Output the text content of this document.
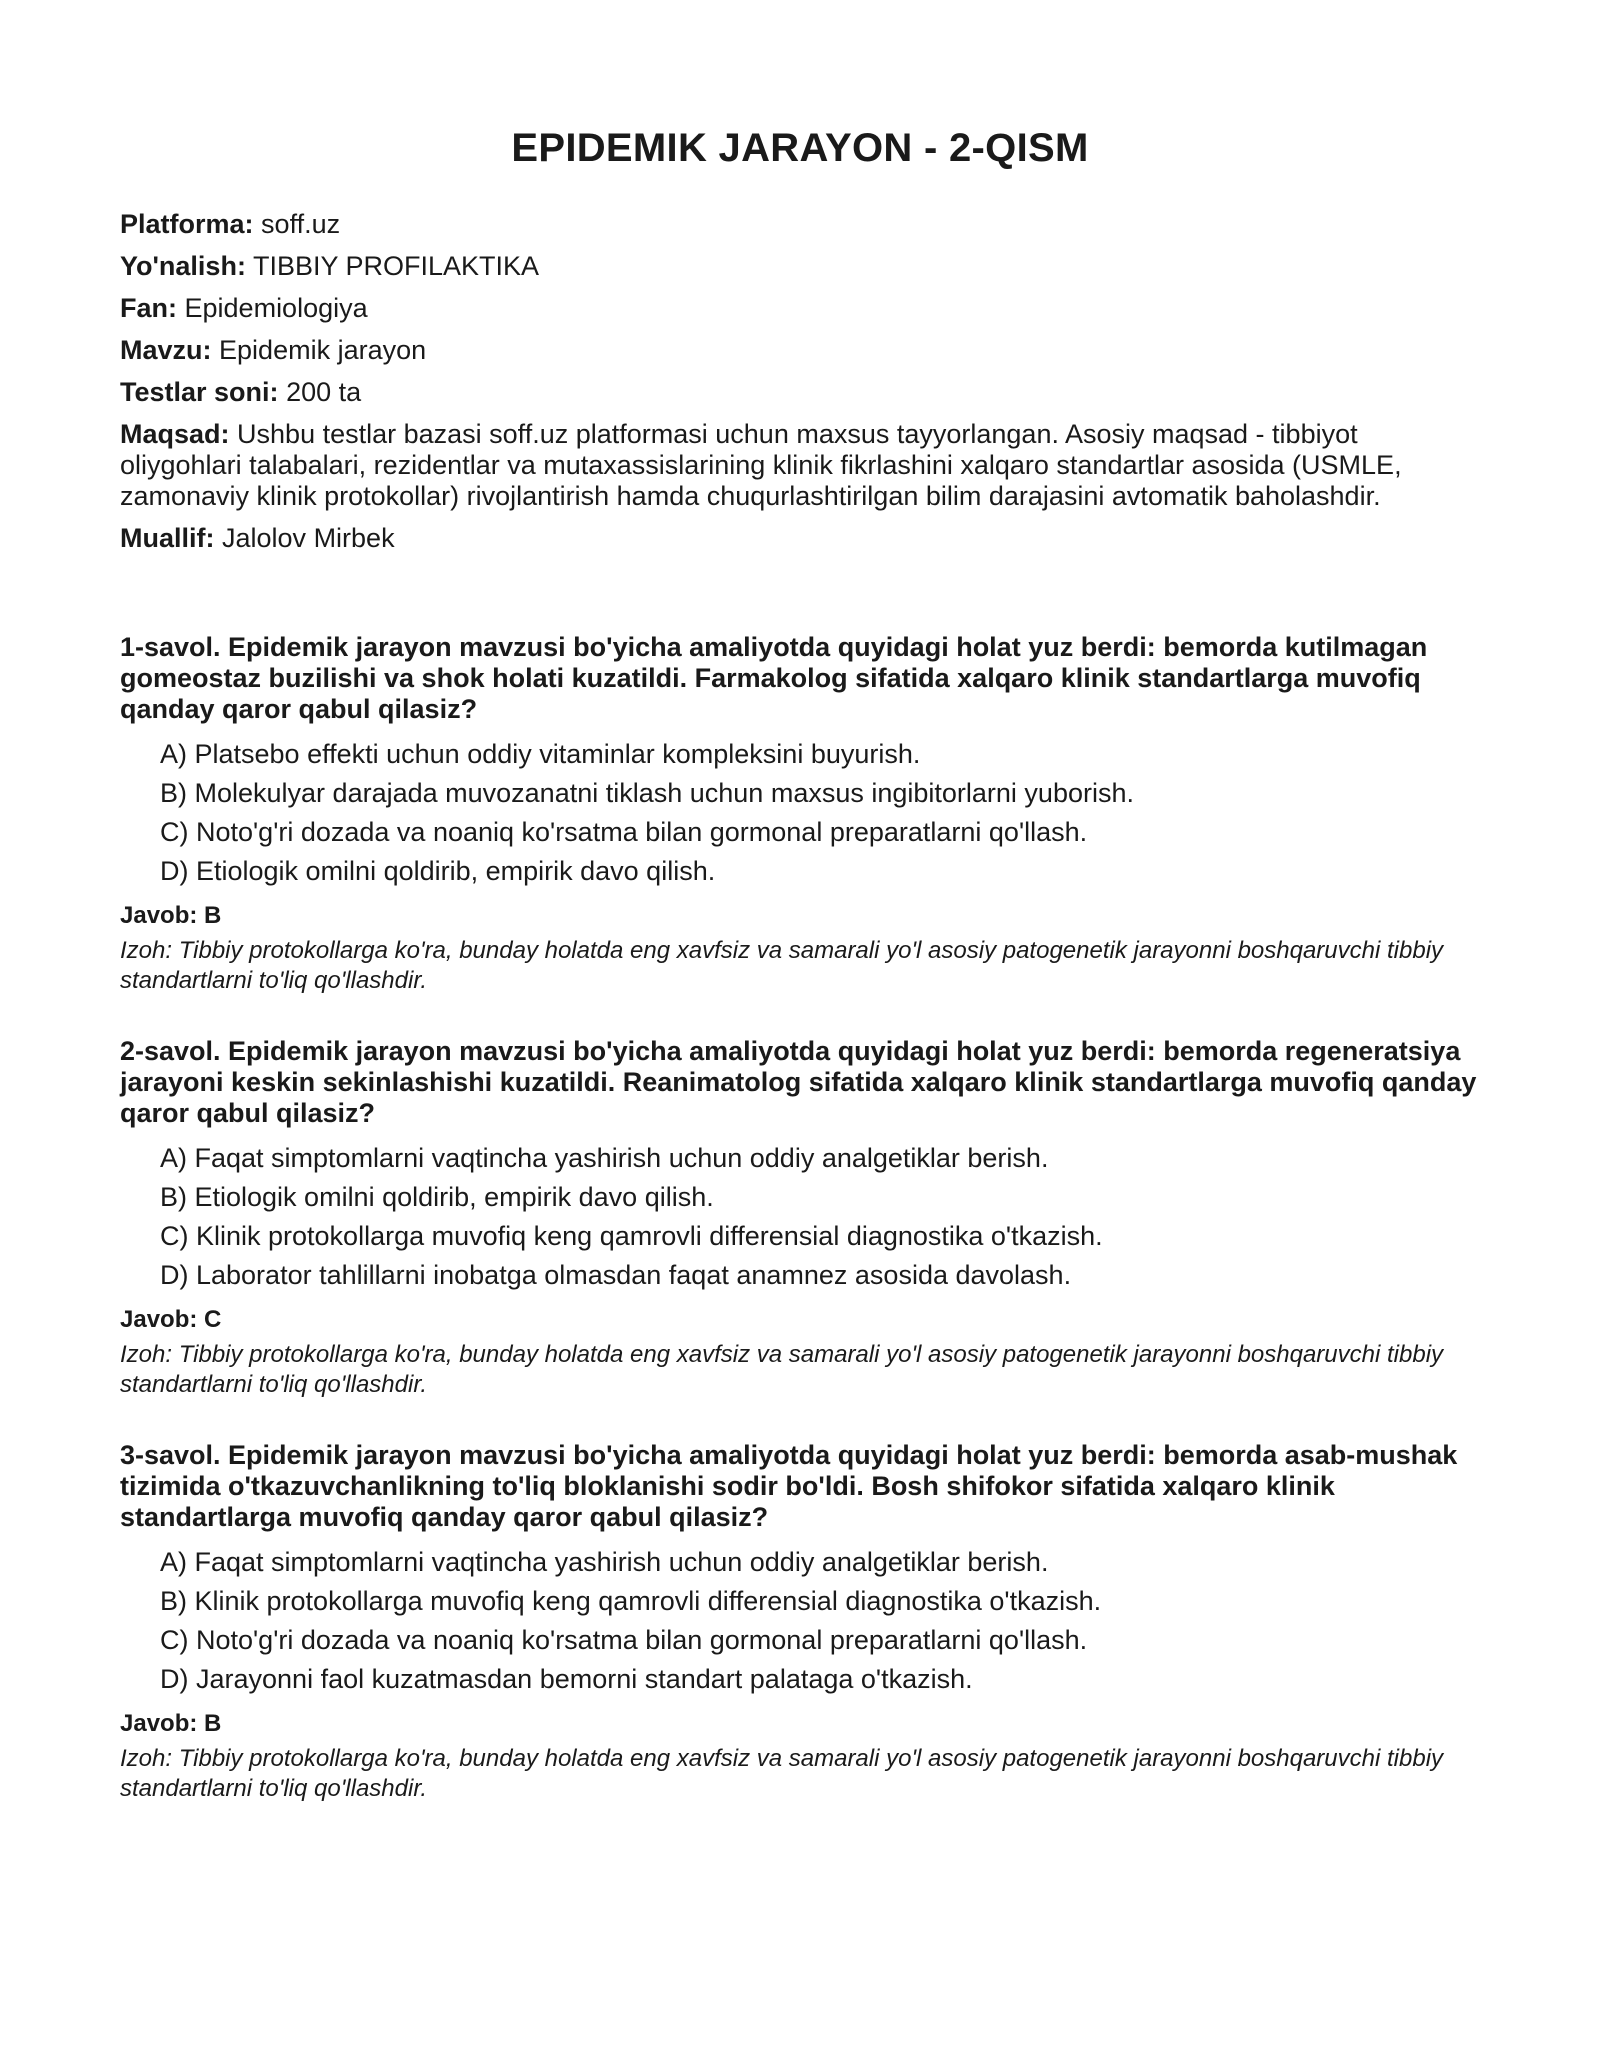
EPIDEMIK JARAYON - 2-QISM
Platforma: soff.uz
Yo'nalish: TIBBIY PROFILAKTIKA
Fan: Epidemiologiya
Mavzu: Epidemik jarayon
Testlar soni: 200 ta
Maqsad: Ushbu testlar bazasi soff.uz platformasi uchun maxsus tayyorlangan. Asosiy maqsad - tibbiyot oliygohlari talabalari, rezidentlar va mutaxassislarining klinik fikrlashini xalqaro standartlar asosida (USMLE, zamonaviy klinik protokollar) rivojlantirish hamda chuqurlashtirilgan bilim darajasini avtomatik baholashdir.
Muallif: Jalolov Mirbek

1-savol. Epidemik jarayon mavzusi bo'yicha amaliyotda quyidagi holat yuz berdi: bemorda kutilmagan gomeostaz buzilishi va shok holati kuzatildi. Farmakolog sifatida xalqaro klinik standartlarga muvofiq qanday qaror qabul qilasiz?

A) Platsebo effekti uchun oddiy vitaminlar kompleksini buyurish.
B) Molekulyar darajada muvozanatni tiklash uchun maxsus ingibitorlarni yuborish.
C) Noto'g'ri dozada va noaniq ko'rsatma bilan gormonal preparatlarni qo'llash.
D) Etiologik omilni qoldirib, empirik davo qilish.
Javob: B
Izoh: Tibbiy protokollarga ko'ra, bunday holatda eng xavfsiz va samarali yo'l asosiy patogenetik jarayonni boshqaruvchi tibbiy standartlarni to'liq qo'llashdir.

2-savol. Epidemik jarayon mavzusi bo'yicha amaliyotda quyidagi holat yuz berdi: bemorda regeneratsiya jarayoni keskin sekinlashishi kuzatildi. Reanimatolog sifatida xalqaro klinik standartlarga muvofiq qanday qaror qabul qilasiz?

A) Faqat simptomlarni vaqtincha yashirish uchun oddiy analgetiklar berish.
B) Etiologik omilni qoldirib, empirik davo qilish.
C) Klinik protokollarga muvofiq keng qamrovli differensial diagnostika o'tkazish.
D) Laborator tahlillarni inobatga olmasdan faqat anamnez asosida davolash.
Javob: C
Izoh: Tibbiy protokollarga ko'ra, bunday holatda eng xavfsiz va samarali yo'l asosiy patogenetik jarayonni boshqaruvchi tibbiy standartlarni to'liq qo'llashdir.

3-savol. Epidemik jarayon mavzusi bo'yicha amaliyotda quyidagi holat yuz berdi: bemorda asab-mushak tizimida o'tkazuvchanlikning to'liq bloklanishi sodir bo'ldi. Bosh shifokor sifatida xalqaro klinik standartlarga muvofiq qanday qaror qabul qilasiz?

A) Faqat simptomlarni vaqtincha yashirish uchun oddiy analgetiklar berish.
B) Klinik protokollarga muvofiq keng qamrovli differensial diagnostika o'tkazish.
C) Noto'g'ri dozada va noaniq ko'rsatma bilan gormonal preparatlarni qo'llash.
D) Jarayonni faol kuzatmasdan bemorni standart palataga o'tkazish.
Javob: B
Izoh: Tibbiy protokollarga ko'ra, bunday holatda eng xavfsiz va samarali yo'l asosiy patogenetik jarayonni boshqaruvchi tibbiy standartlarni to'liq qo'llashdir.
